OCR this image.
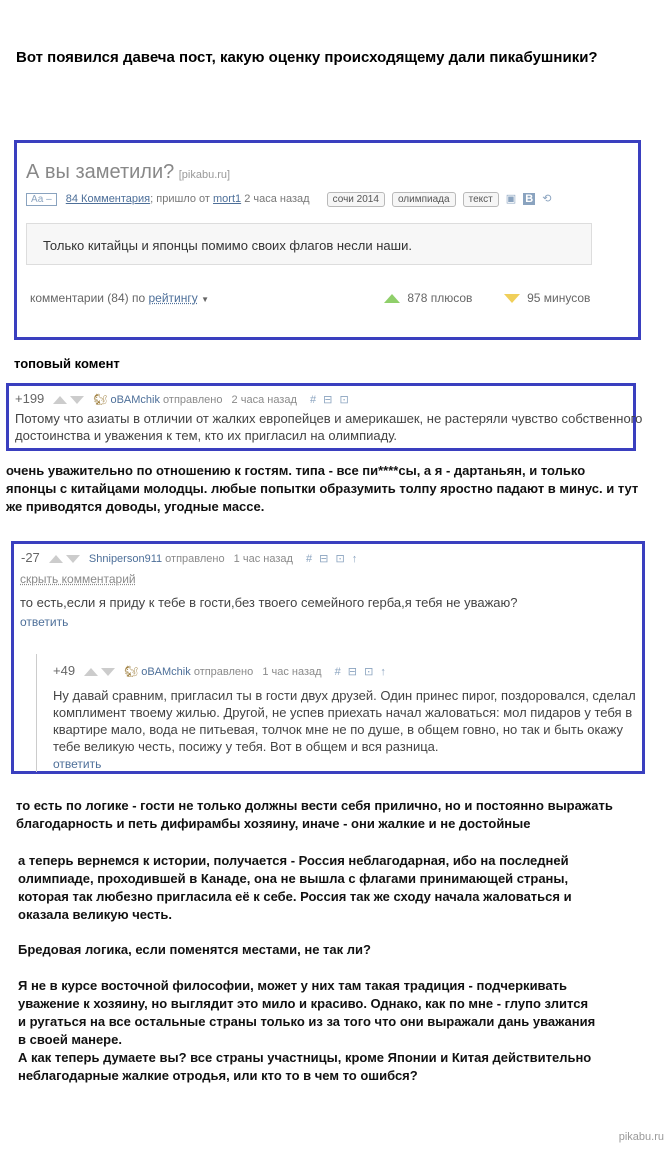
Вот появился давеча пост, какую оценку происходящему дали пикабушники?
А вы заметили? [pikabu.ru]
Аа – 84 Комментария; пришло от mort1 2 часа назад сочи 2014 олимпиада текст ▣ В ⟲
Только китайцы и японцы помимо своих флагов несли наши.
комментарии (84) по рейтингу ▼	878 плюсов	95 минусов
топовый комент
+199	🐿 oBAMchik отправлено 2 часа назад # ⊟ ⊡
Потому что азиаты в отличии от жалких европейцев и америкашек, не растеряли чувство собственного
достоинства и уважения к тем, кто их пригласил на олимпиаду.
очень уважительно по отношению к гостям. типа - все пи****сы, а я - дартаньян, и только
японцы с китайцами молодцы. любые попытки образумить толпу яростно падают в минус. и тут
же приводятся доводы, угодные массе.
-27	Shniperson911 отправлено 1 час назад # ⊟ ⊡ ↑
скрыть комментарий
то есть,если я приду к тебе в гости,без твоего семейного герба,я тебя не уважаю?
ответить
+49	🐿 oBAMchik отправлено 1 час назад # ⊟ ⊡ ↑
Ну давай сравним, пригласил ты в гости двух друзей. Один принес пирог, поздоровался, сделал
комплимент твоему жилью. Другой, не успев приехать начал жаловаться: мол пидаров у тебя в
квартире мало, вода не питьевая, толчок мне не по душе, в общем говно, но так и быть окажу
тебе великую честь, посижу у тебя. Вот в общем и вся разница.
ответить
то есть по логике - гости не только должны вести себя прилично, но и постоянно выражать
благодарность и петь дифирамбы хозяину, иначе - они жалкие и не достойные
а теперь вернемся к истории, получается - Россия неблагодарная, ибо на последней
олимпиаде, проходившей в Канаде, она не вышла с флагами принимающей страны,
которая так любезно пригласила её к себе. Россия так же сходу начала жаловаться и
оказала великую честь.
Бредовая логика, если поменятся местами, не так ли?
Я не в курсе восточной философии, может у них там такая традиция - подчеркивать
уважение к хозяину, но выглядит это мило и красиво. Однако, как по мне - глупо злится
и ругаться на все остальные страны только из за того что они выражали дань уважания
в своей манере.
А как теперь думаете вы? все страны участницы, кроме Японии и Китая действительно
неблагодарные жалкие отродья, или кто то в чем то ошибся?
pikabu.ru
